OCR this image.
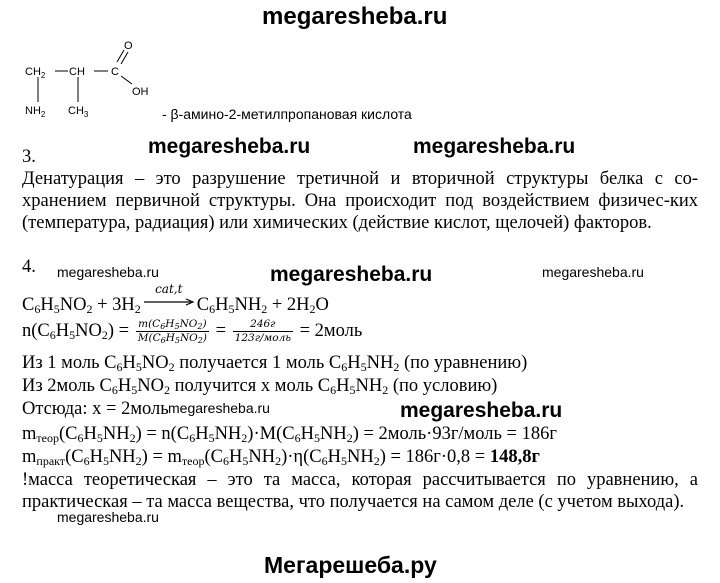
megaresheba.ru
$CH_2$ CH C
O
OH
$NH_2$ $CH_3$	- β-амино-2-метилпропановая кислота
3.	megaresheba.ru	megaresheba.ru
Денатурация – это разрушение третичной и вторичной структуры белка с со-хранением первичной структуры. Она происходит под воздействием физичес-ких (температура, радиация) или химических (действие кислот, щелочей) факторов.
4. megaresheba.ru	megaresheba.ru	megaresheba.ru
$C_6H_5NO_2 + 3H_2$
cat,t
$C_6H_5NH_2 + 2H_2O$
$n(C_6H_5NO_2) = \frac{m(C_6H_5NO_2)}{M(C_6H_5NO_2)} = \frac{246г}{\text{123г/моль}}$ = 2моль
Из 1 моль $C_6H_5NO_2$ получается 1 моль $C_6H_5NH_2$ (по уравнению)
Из 2моль $C_6H_5NO_2$ получится x моль $C_6H_5NH_2$ (по условию)
Отсюда: x = 2моль megaresheba.ru	megaresheba.ru
$m_{теор}(C_6H_5NH_2) = n(C_6H_5NH_2)\cdot M(C_6H_5NH_2)$ = 2моль·93г/моль = 186г
$m_{практ}(C_6H_5NH_2) = m_{теор}(C_6H_5NH_2)\cdot\eta(C_6H_5NH_2) = 186г\cdot 0,8 = 148,8г$
!масса теоретическая – это та масса, которая рассчитывается по уравнению, а практическая – та масса вещества, что получается на самом деле (с учетом выхода).
megaresheba.ru
Мегарешеба.ру
